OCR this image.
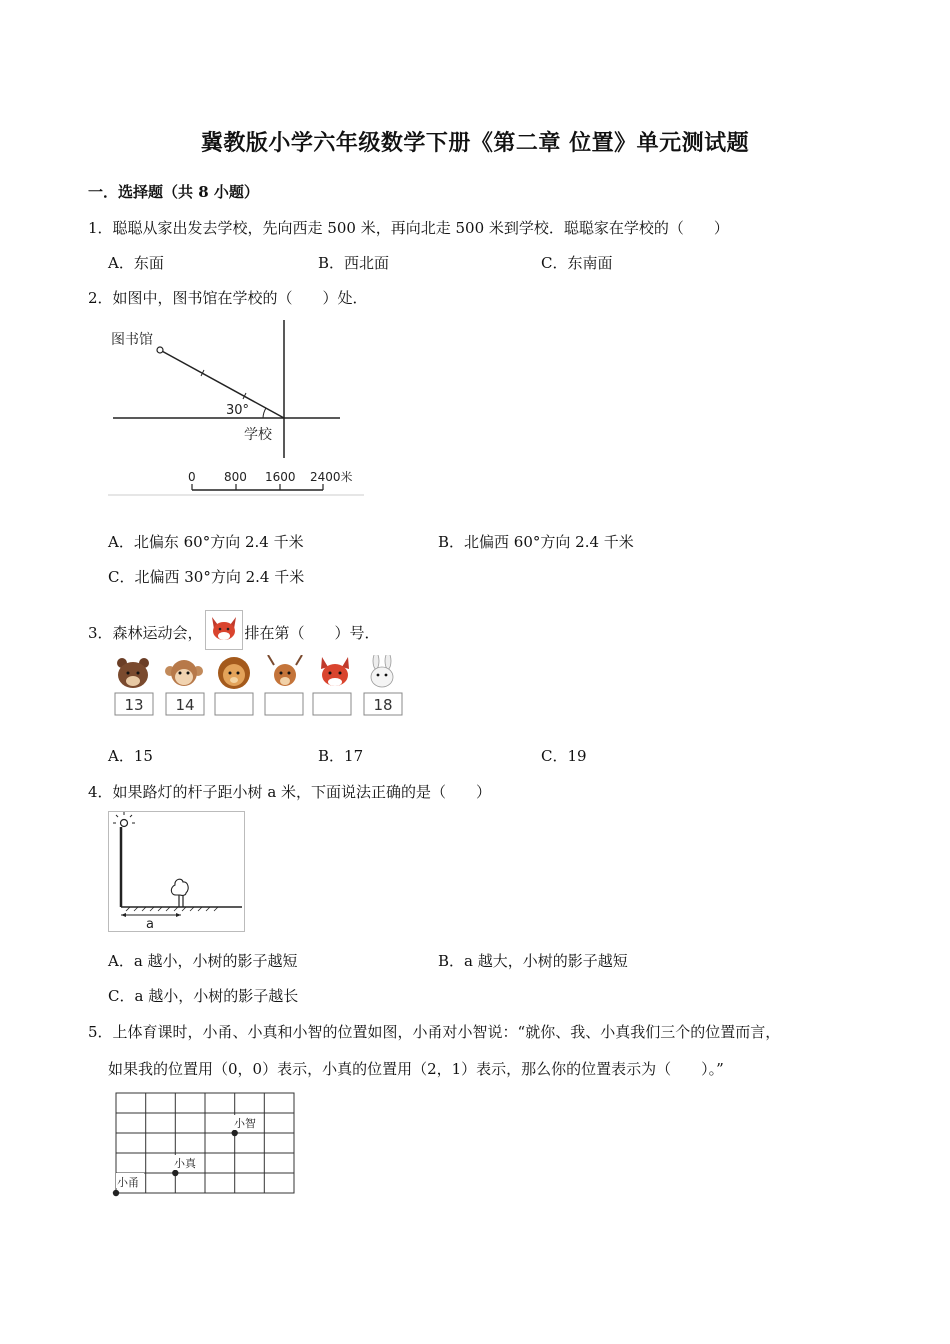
冀教版小学六年级数学下册《第二章 位置》单元测试题
一．选择题（共 8 小题）
1．聪聪从家出发去学校，先向西走 500 米，再向北走 500 米到学校．聪聪家在学校的（　　）
A．东面	B．西北面	C．东南面
2．如图中，图书馆在学校的（　　）处．
图书馆
30°
学校
0 800 1600 2400米
A．北偏东 60°方向 2.4 千米	B．北偏西 60°方向 2.4 千米
C．北偏西 30°方向 2.4 千米
3．森林运动会，	排在第（　　）号．
13 14	18
A．15	B．17	C．19
4．如果路灯的杆子距小树 a 米，下面说法正确的是（　　）
a
A．a 越小，小树的影子越短	B．a 越大，小树的影子越短
C．a 越小，小树的影子越长
5．上体育课时，小甬、小真和小智的位置如图，小甬对小智说：“就你、我、小真我们三个的位置而言，
如果我的位置用（0，0）表示，小真的位置用（2，1）表示，那么你的位置表示为（　　）。”
小甬
小真
小智
